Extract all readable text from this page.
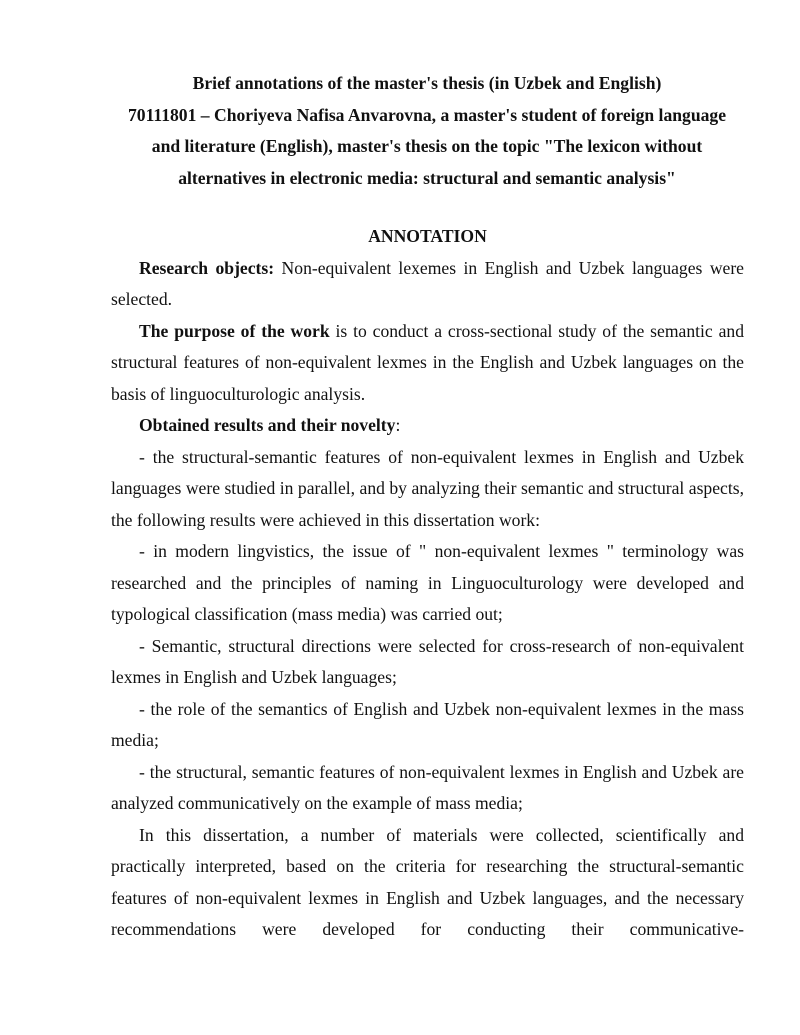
Brief annotations of the master's thesis (in Uzbek and English)
70111801 – Choriyeva Nafisa Anvarovna, a master's student of foreign language
and literature (English), master's thesis on the topic "The lexicon without
alternatives in electronic media: structural and semantic analysis"
ANNOTATION

Research objects: Non-equivalent lexemes in English and Uzbek languages were selected.

The purpose of the work is to conduct a cross-sectional study of the semantic and structural features of non-equivalent lexmes in the English and Uzbek languages on the basis of linguoculturologic analysis.

Obtained results and their novelty:

- the structural-semantic features of non-equivalent lexmes in English and Uzbek languages were studied in parallel, and by analyzing their semantic and structural aspects, the following results were achieved in this dissertation work:

- in modern lingvistics, the issue of " non-equivalent lexmes " terminology was researched and the principles of naming in Linguoculturology were developed and typological classification (mass media) was carried out;

- Semantic, structural directions were selected for cross-research of non-equivalent lexmes in English and Uzbek languages;

- the role of the semantics of English and Uzbek non-equivalent lexmes in the mass media;

- the structural, semantic features of non-equivalent lexmes in English and Uzbek are analyzed communicatively on the example of mass media;

In this dissertation, a number of materials were collected, scientifically and practically interpreted, based on the criteria for researching the structural-semantic features of non-equivalent lexmes in English and Uzbek languages, and the necessary recommendations were developed for conducting their communicative-
